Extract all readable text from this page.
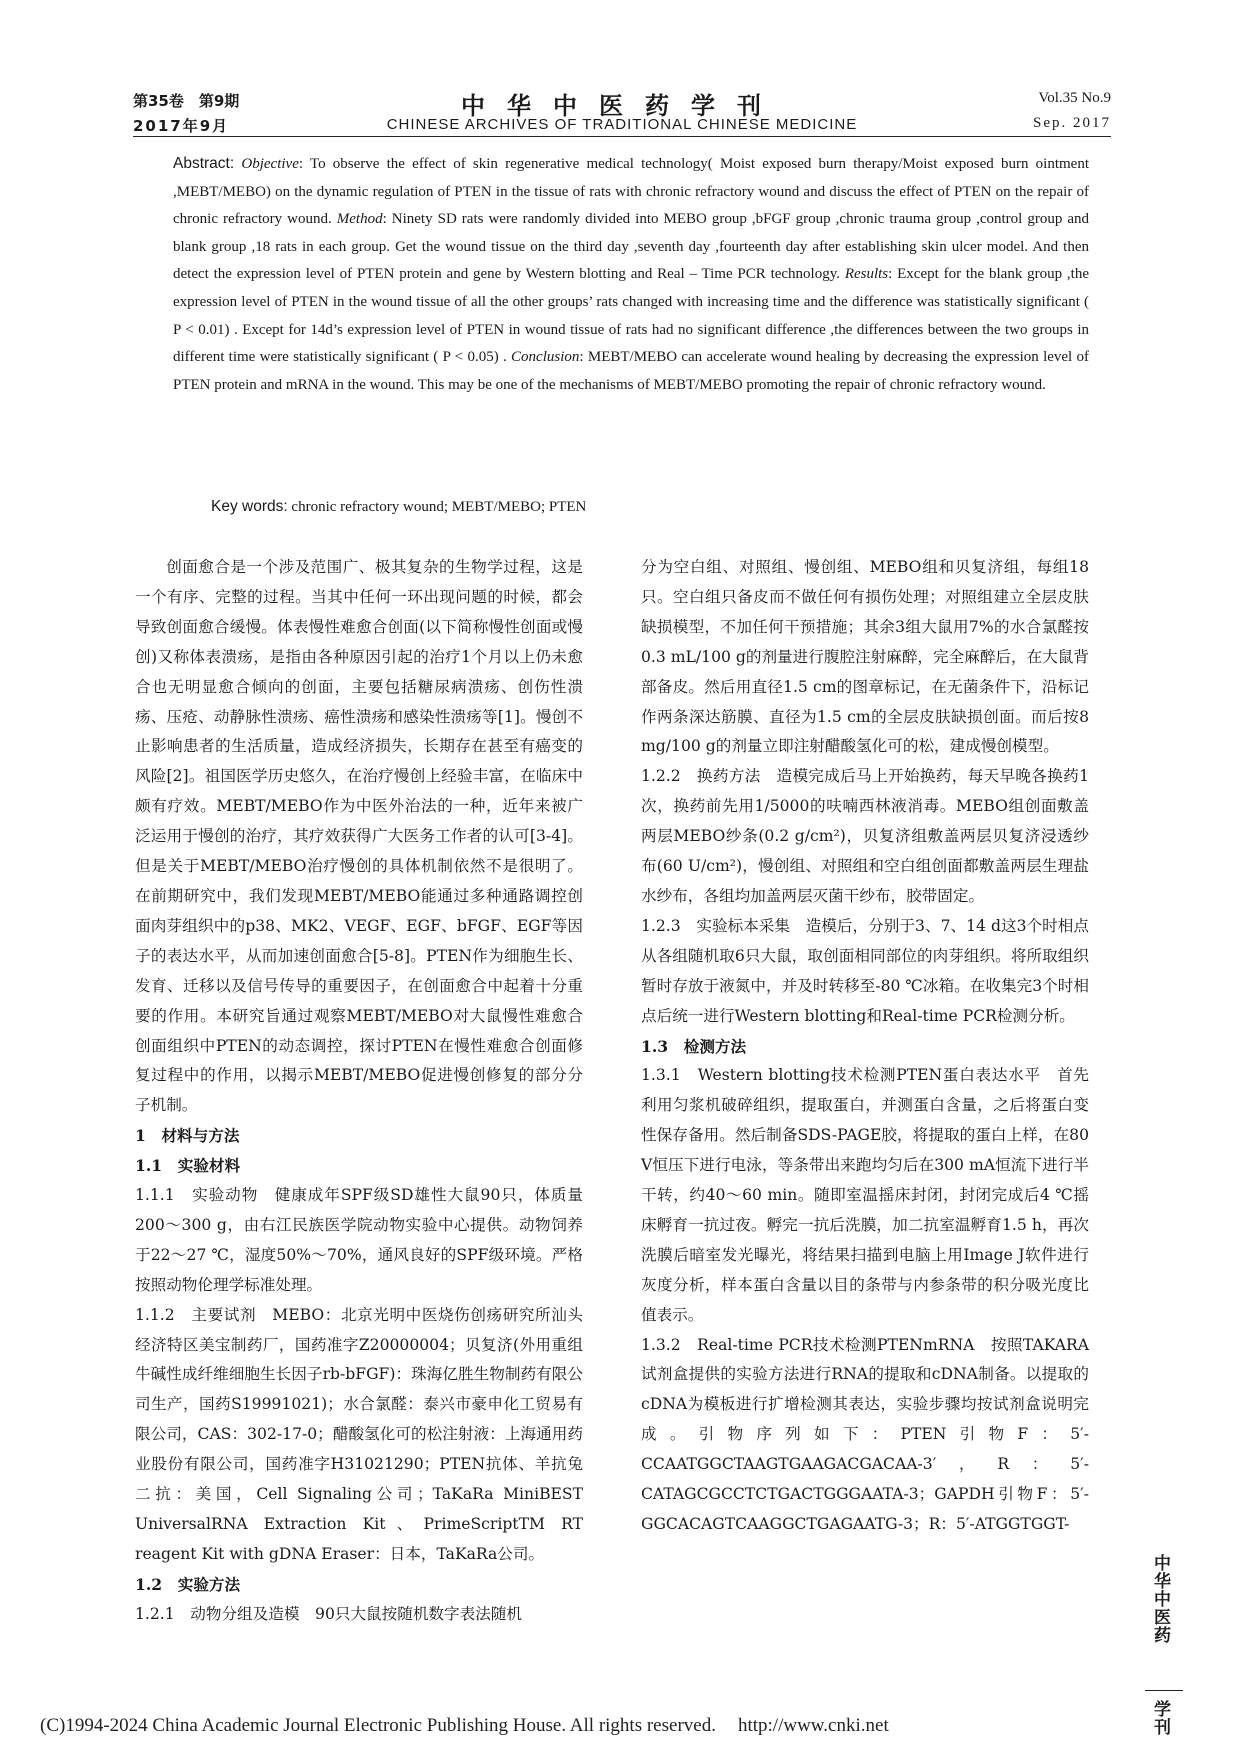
第35卷　第9期
2017年9月
中华中医药学刊
CHINESE ARCHIVES OF TRADITIONAL CHINESE MEDICINE
Vol.35 No.9
Sep. 2017
Abstract: Objective: To observe the effect of skin regenerative medical technology( Moist exposed burn therapy/Moist exposed burn ointment ,MEBT/MEBO) on the dynamic regulation of PTEN in the tissue of rats with chronic refractory wound and discuss the effect of PTEN on the repair of chronic refractory wound. Method: Ninety SD rats were randomly divided into MEBO group ,bFGF group ,chronic trauma group ,control group and blank group ,18 rats in each group. Get the wound tissue on the third day ,seventh day ,fourteenth day after establishing skin ulcer model. And then detect the expression level of PTEN protein and gene by Western blotting and Real – Time PCR technology. Results: Except for the blank group ,the expression level of PTEN in the wound tissue of all the other groups’ rats changed with increasing time and the difference was statistically significant ( P < 0.01) . Except for 14d’s expression level of PTEN in wound tissue of rats had no significant difference ,the differences between the two groups in different time were statistically significant ( P < 0.05) . Conclusion: MEBT/MEBO can accelerate wound healing by decreasing the expression level of PTEN protein and mRNA in the wound. This may be one of the mechanisms of MEBT/MEBO promoting the repair of chronic refractory wound.
Key words: chronic refractory wound; MEBT/MEBO; PTEN

创面愈合是一个涉及范围广、极其复杂的生物学过程，这是一个有序、完整的过程。当其中任何一环出现问题的时候，都会导致创面愈合缓慢。体表慢性难愈合创面(以下简称慢性创面或慢创)又称体表溃疡，是指由各种原因引起的治疗1个月以上仍未愈合也无明显愈合倾向的创面，主要包括糖尿病溃疡、创伤性溃疡、压疮、动静脉性溃疡、癌性溃疡和感染性溃疡等[1]。慢创不止影响患者的生活质量，造成经济损失，长期存在甚至有癌变的风险[2]。祖国医学历史悠久，在治疗慢创上经验丰富，在临床中颇有疗效。MEBT/MEBO作为中医外治法的一种，近年来被广泛运用于慢创的治疗，其疗效获得广大医务工作者的认可[3-4]。但是关于MEBT/MEBO治疗慢创的具体机制依然不是很明了。在前期研究中，我们发现MEBT/MEBO能通过多种通路调控创面肉芽组织中的p38、MK2、VEGF、EGF、bFGF、EGF等因子的表达水平，从而加速创面愈合[5-8]。PTEN作为细胞生长、发育、迁移以及信号传导的重要因子，在创面愈合中起着十分重要的作用。本研究旨通过观察MEBT/MEBO对大鼠慢性难愈合创面组织中PTEN的动态调控，探讨PTEN在慢性难愈合创面修复过程中的作用，以揭示MEBT/MEBO促进慢创修复的部分分子机制。

1　材料与方法

1.1　实验材料

1.1.1　实验动物　健康成年SPF级SD雄性大鼠90只，体质量200～300 g，由右江民族医学院动物实验中心提供。动物饲养于22～27 ℃，湿度50%～70%，通风良好的SPF级环境。严格按照动物伦理学标准处理。

1.1.2　主要试剂　MEBO：北京光明中医烧伤创疡研究所汕头经济特区美宝制药厂，国药准字Z20000004；贝复济(外用重组牛碱性成纤维细胞生长因子rb-bFGF)：珠海亿胜生物制药有限公司生产，国药S19991021)；水合氯醛：泰兴市豪申化工贸易有限公司，CAS：302-17-0；醋酸氢化可的松注射液：上海通用药业股份有限公司，国药准字H31021290；PTEN抗体、羊抗兔二抗：美国，Cell Signaling公司；TaKaRa MiniBEST UniversalRNA Extraction Kit、PrimeScriptTM RT reagent Kit with gDNA Eraser：日本，TaKaRa公司。

1.2　实验方法

1.2.1　动物分组及造模　90只大鼠按随机数字表法随机

分为空白组、对照组、慢创组、MEBO组和贝复济组，每组18只。空白组只备皮而不做任何有损伤处理；对照组建立全层皮肤缺损模型，不加任何干预措施；其余3组大鼠用7%的水合氯醛按0.3 mL/100 g的剂量进行腹腔注射麻醉，完全麻醉后，在大鼠背部备皮。然后用直径1.5 cm的图章标记，在无菌条件下，沿标记作两条深达筋膜、直径为1.5 cm的全层皮肤缺损创面。而后按8 mg/100 g的剂量立即注射醋酸氢化可的松，建成慢创模型。

1.2.2　换药方法　造模完成后马上开始换药，每天早晚各换药1次，换药前先用1/5000的呋喃西林液消毒。MEBO组创面敷盖两层MEBO纱条(0.2 g/cm²)，贝复济组敷盖两层贝复济浸透纱布(60 U/cm²)，慢创组、对照组和空白组创面都敷盖两层生理盐水纱布，各组均加盖两层灭菌干纱布，胶带固定。

1.2.3　实验标本采集　造模后，分别于3、7、14 d这3个时相点从各组随机取6只大鼠，取创面相同部位的肉芽组织。将所取组织暂时存放于液氮中，并及时转移至-80 ℃冰箱。在收集完3个时相点后统一进行Western blotting和Real-time PCR检测分析。

1.3　检测方法

1.3.1　Western blotting技术检测PTEN蛋白表达水平　首先利用匀浆机破碎组织，提取蛋白，并测蛋白含量，之后将蛋白变性保存备用。然后制备SDS-PAGE胶，将提取的蛋白上样，在80 V恒压下进行电泳，等条带出来跑均匀后在300 mA恒流下进行半干转，约40～60 min。随即室温摇床封闭，封闭完成后4 ℃摇床孵育一抗过夜。孵完一抗后洗膜，加二抗室温孵育1.5 h，再次洗膜后暗室发光曝光，将结果扫描到电脑上用Image J软件进行灰度分析，样本蛋白含量以目的条带与内参条带的积分吸光度比值表示。

1.3.2　Real-time PCR技术检测PTENmRNA　按照TAKARA试剂盒提供的实验方法进行RNA的提取和cDNA制备。以提取的cDNA为模板进行扩增检测其表达，实验步骤均按试剂盒说明完成。引物序列如下：PTEN引物F：5′-CCAATGGCTAAGTGAAGACGACAA-3′，R：5′-CATAGCGCCTCTGACTGGGAATA-3；GAPDH引物F：5′-GGCACAGTCAAGGCTGAGAATG-3；R：5′-ATGGTGGT-

中华中医药
学刊
(C)1994-2024 China Academic Journal Electronic Publishing House. All rights reserved. http://www.cnki.net
